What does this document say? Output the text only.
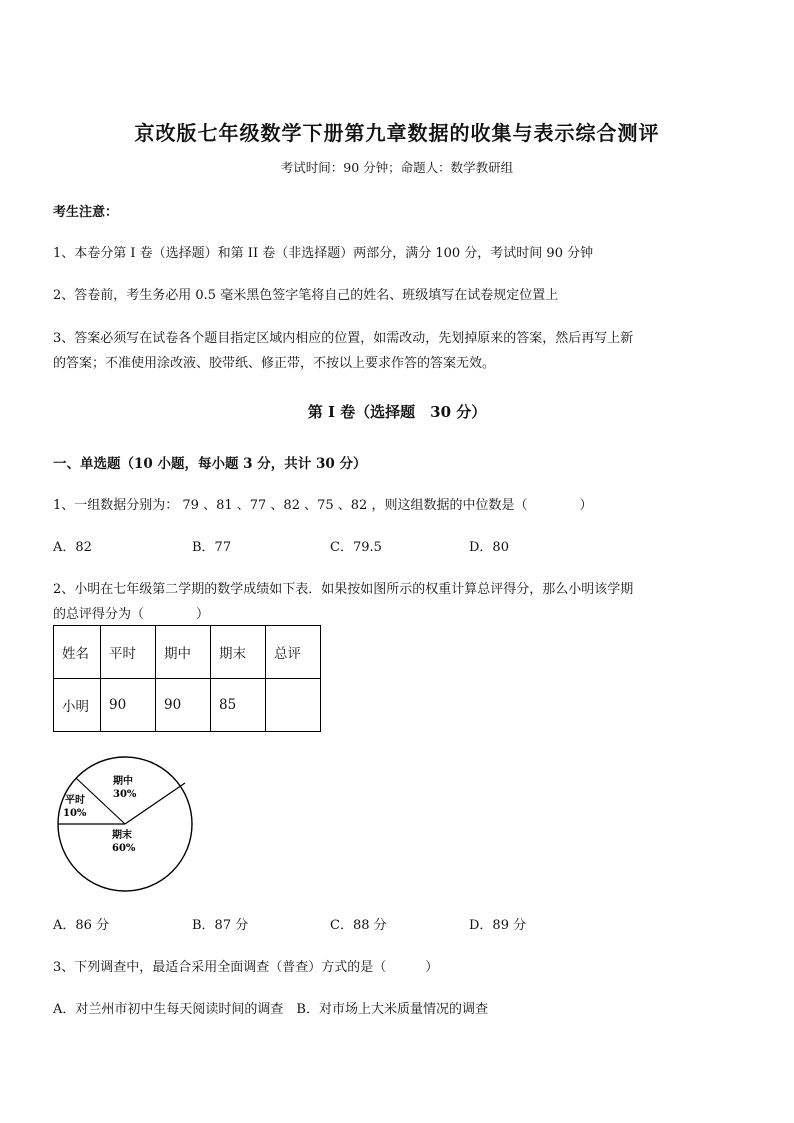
京改版七年级数学下册第九章数据的收集与表示综合测评
考试时间：90 分钟；命题人：数学教研组
考生注意：
1、本卷分第 I 卷（选择题）和第 II 卷（非选择题）两部分，满分 100 分，考试时间 90 分钟
2、答卷前，考生务必用 0.5 毫米黑色签字笔将自己的姓名、班级填写在试卷规定位置上
3、答案必须写在试卷各个题目指定区域内相应的位置，如需改动，先划掉原来的答案，然后再写上新
的答案；不准使用涂改液、胶带纸、修正带，不按以上要求作答的答案无效。
第 I 卷（选择题　30 分）
一、单选题（10 小题，每小题 3 分，共计 30 分）
1、一组数据分别为： 79 、81 、77 、82 、75 、82 ，则这组数据的中位数是（　　　　）
A．82	B．77	C．79.5	D．80
2、小明在七年级第二学期的数学成绩如下表．如果按如图所示的权重计算总评得分，那么小明该学期
的总评得分为（　　　　）
姓名	平时	期中	期末	总评
小明	90	90	85	
期中
30%
平时
10%
期末
60%
A．86 分	B．87 分	C．88 分	D．89 分
3、下列调查中，最适合采用全面调查（普查）方式的是（　　　）
A．对兰州市初中生每天阅读时间的调查　B．对市场上大米质量情况的调查
